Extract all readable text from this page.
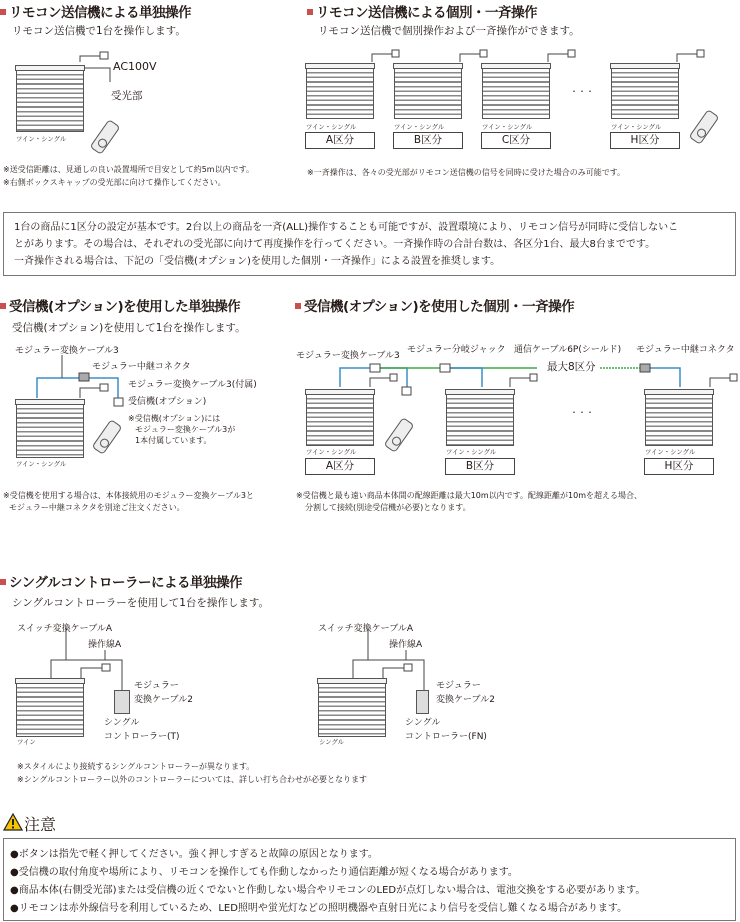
リモコン送信機による単独操作
リモコン送信機で1台を操作します。
AC100V
受光部
ツイン・シングル
※送受信距離は、見通しの良い設置場所で目安として約5m以内です。
※右側ボックスキャップの受光部に向けて操作してください。
リモコン送信機による個別・一斉操作
リモコン送信機で個別操作および一斉操作ができます。
ツイン・シングル	ツイン・シングル	ツイン・シングル	ツイン・シングル
A区分	B区分	C区分	H区分
・・・
※一斉操作は、各々の受光部がリモコン送信機の信号を同時に受けた場合のみ可能です。
1台の商品に1区分の設定が基本です。2台以上の商品を一斉(ALL)操作することも可能ですが、設置環境により、リモコン信号が同時に受信しないこ
とがあります。その場合は、それぞれの受光部に向けて再度操作を行ってください。一斉操作時の合計台数は、各区分1台、最大8台までです。
一斉操作される場合は、下記の「受信機(オプション)を使用した個別・一斉操作」による設置を推奨します。
受信機(オプション)を使用した単独操作
受信機(オプション)を使用して1台を操作します。
モジュラー変換ケーブル3
モジュラー中継コネクタ
モジュラー変換ケーブル3(付属)
受信機(オプション)
※受信機(オプション)には
モジュラー変換ケーブル3が
1本付属しています。
ツイン・シングル
※受信機を使用する場合は、本体接続用のモジュラー変換ケーブル3と
モジュラー中継コネクタを別途ご注文ください。
受信機(オプション)を使用した個別・一斉操作
モジュラー変換ケーブル3
モジュラー分岐ジャック 通信ケーブル6P(シールド) モジュラー中継コネクタ
最大8区分
・・・
ツイン・シングル	ツイン・シングル	ツイン・シングル
A区分	B区分	H区分
※受信機と最も遠い商品本体間の配線距離は最大10m以内です。配線距離が10mを超える場合、
分割して接続(別途受信機が必要)となります。
シングルコントローラーによる単独操作
シングルコントローラーを使用して1台を操作します。
スイッチ変換ケーブルA
操作線A
ツイン
モジュラー
変換ケーブル2
シングル
コントローラー(T)
スイッチ変換ケーブルA
操作線A
シングル
モジュラー
変換ケーブル2
シングル
コントローラー(FN)
※スタイルにより接続するシングルコントローラーが異なります。
※シングルコントローラー以外のコントローラーについては、詳しい打ち合わせが必要となります
注意
●ボタンは指先で軽く押してください。強く押しすぎると故障の原因となります。
●受信機の取付角度や場所により、リモコンを操作しても作動しなかったり通信距離が短くなる場合があります。
●商品本体(右側受光部)または受信機の近くでないと作動しない場合やリモコンのLEDが点灯しない場合は、電池交換をする必要があります。
●リモコンは赤外線信号を利用しているため、LED照明や蛍光灯などの照明機器や直射日光により信号を受信し難くなる場合があります。
